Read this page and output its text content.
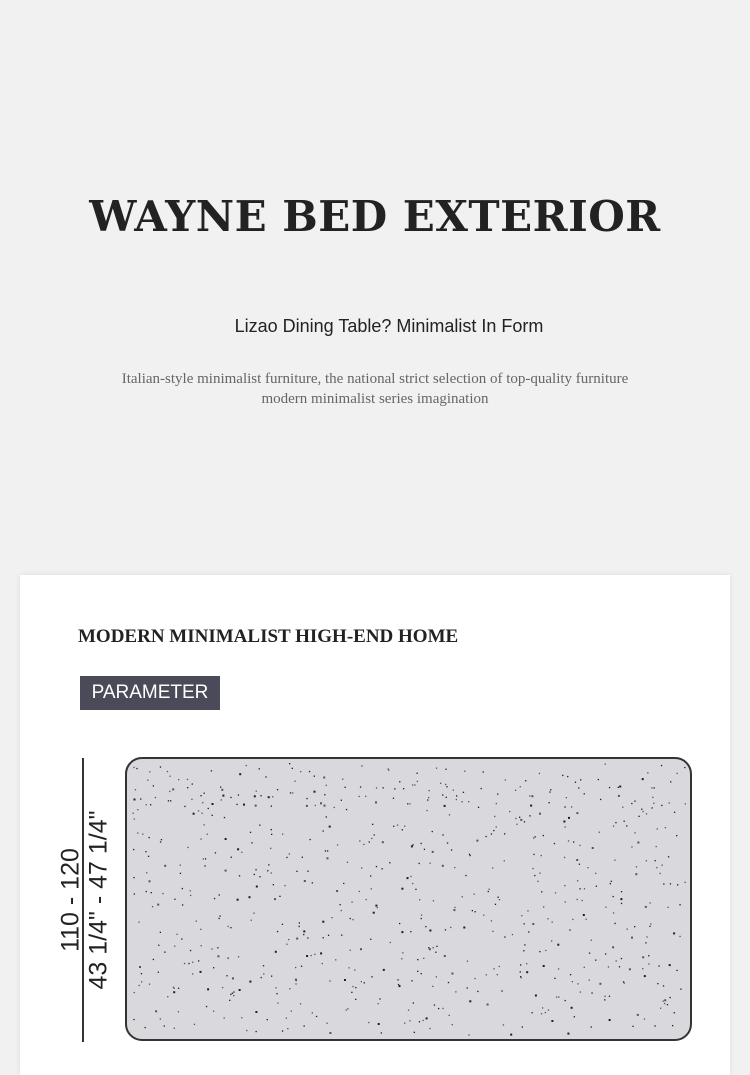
WAYNE BED EXTERIOR

Lizao Dining Table? Minimalist In Form

Italian-style minimalist furniture, the national strict selection of top-quality furniture modern minimalist series imagination

MODERN MINIMALIST HIGH-END HOME
PARAMETER
110 - 120 43 1/4" - 47 1/4"
